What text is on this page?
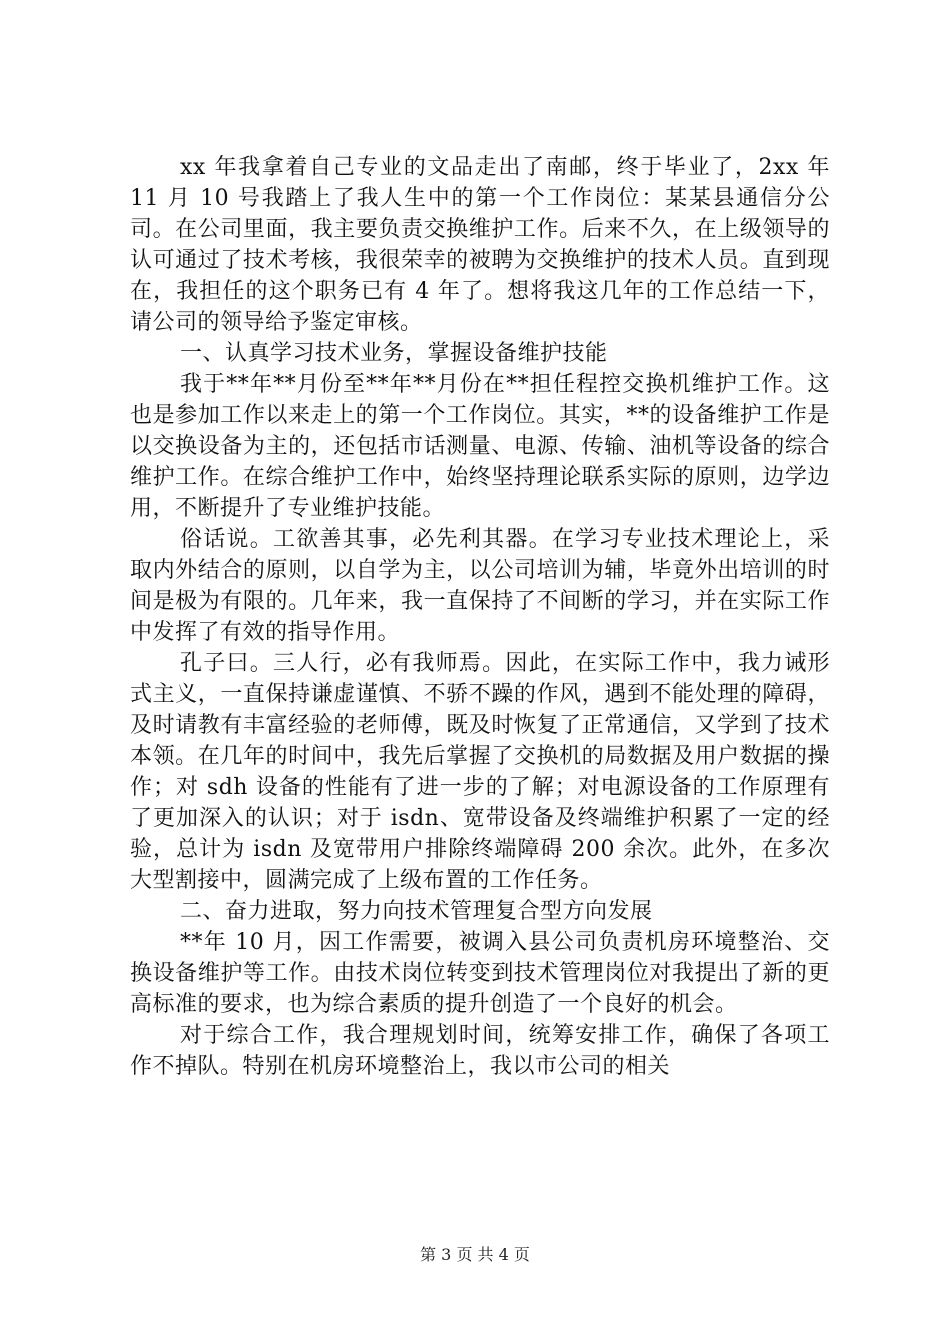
xx 年我拿着自己专业的文品走出了南邮，终于毕业了，2xx 年 11 月 10 号我踏上了我人生中的第一个工作岗位：某某县通信分公司。在公司里面，我主要负责交换维护工作。后来不久，在上级领导的认可通过了技术考核，我很荣幸的被聘为交换维护的技术人员。直到现在，我担任的这个职务已有 4 年了。想将我这几年的工作总结一下，请公司的领导给予鉴定审核。

一、认真学习技术业务，掌握设备维护技能

我于**年**月份至**年**月份在**担任程控交换机维护工作。这也是参加工作以来走上的第一个工作岗位。其实，**的设备维护工作是以交换设备为主的，还包括市话测量、电源、传输、油机等设备的综合维护工作。在综合维护工作中，始终坚持理论联系实际的原则，边学边用，不断提升了专业维护技能。

俗话说。工欲善其事，必先利其器。在学习专业技术理论上，采取内外结合的原则，以自学为主，以公司培训为辅，毕竟外出培训的时间是极为有限的。几年来，我一直保持了不间断的学习，并在实际工作中发挥了有效的指导作用。

孔子曰。三人行，必有我师焉。因此，在实际工作中，我力诫形式主义，一直保持谦虚谨慎、不骄不躁的作风，遇到不能处理的障碍，及时请教有丰富经验的老师傅，既及时恢复了正常通信，又学到了技术本领。在几年的时间中，我先后掌握了交换机的局数据及用户数据的操作；对 sdh 设备的性能有了进一步的了解；对电源设备的工作原理有了更加深入的认识；对于 isdn、宽带设备及终端维护积累了一定的经验，总计为 isdn 及宽带用户排除终端障碍 200 余次。此外，在多次大型割接中，圆满完成了上级布置的工作任务。

二、奋力进取，努力向技术管理复合型方向发展

**年 10 月，因工作需要，被调入县公司负责机房环境整治、交换设备维护等工作。由技术岗位转变到技术管理岗位对我提出了新的更高标准的要求，也为综合素质的提升创造了一个良好的机会。

对于综合工作，我合理规划时间，统筹安排工作，确保了各项工作不掉队。特别在机房环境整治上，我以市公司的相关

第 3 页 共 4 页
